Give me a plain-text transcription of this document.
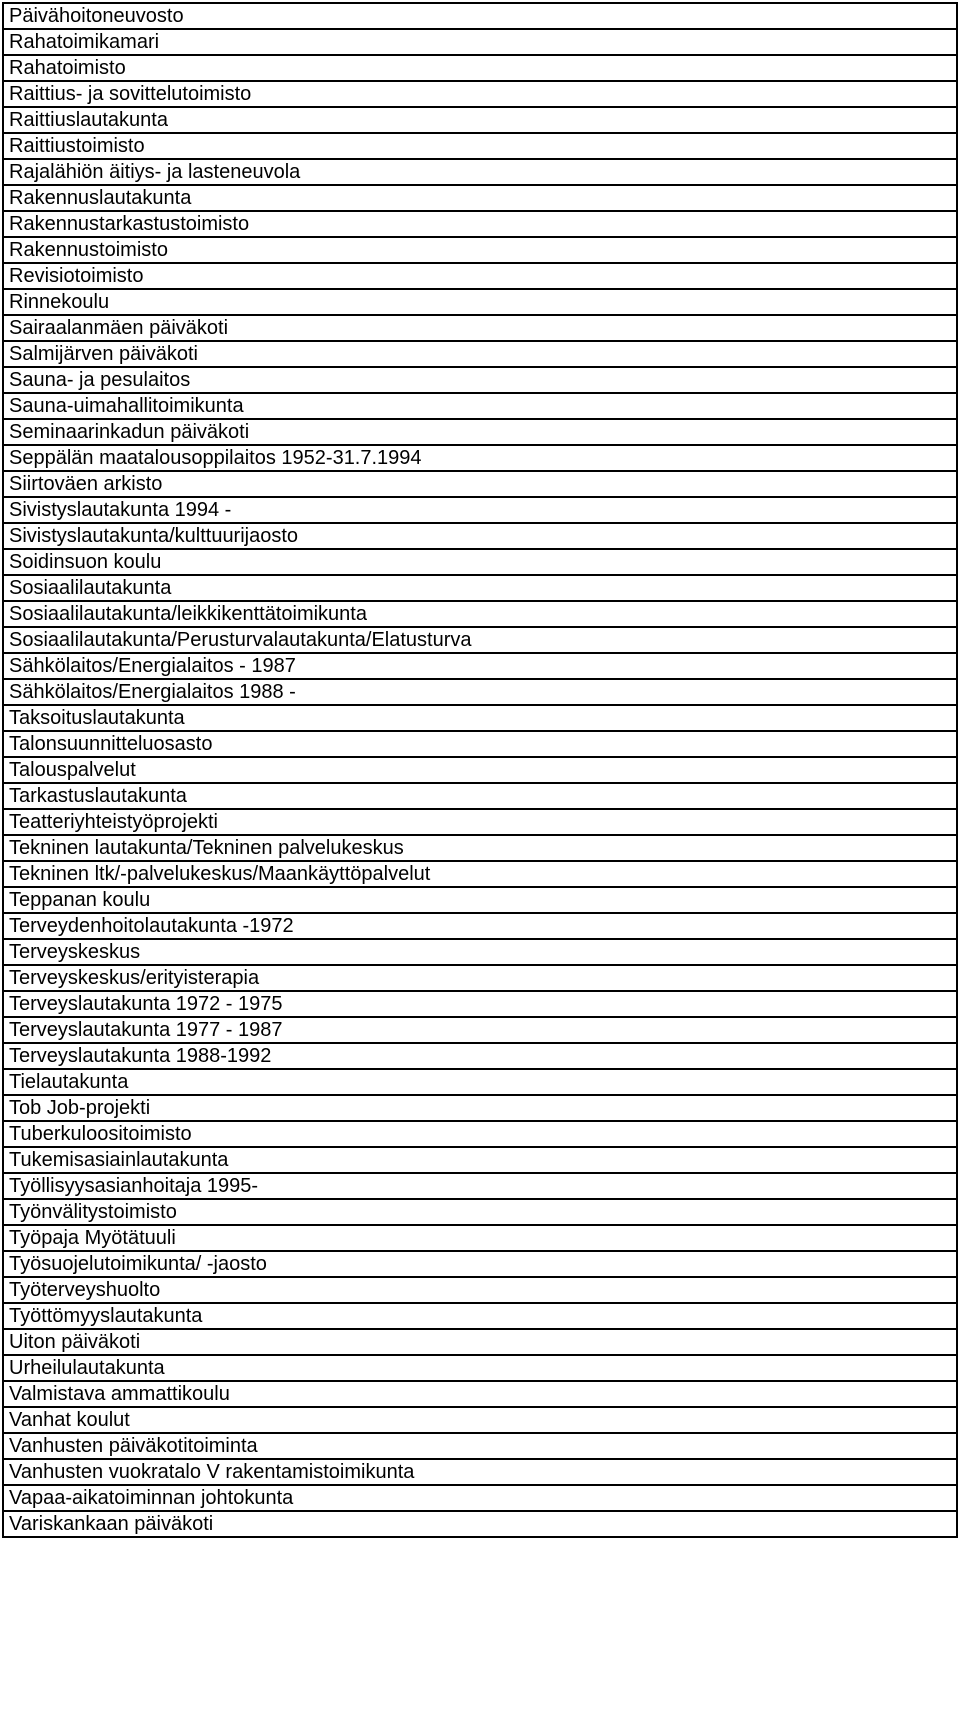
Päivähoitoneuvosto
Rahatoimikamari
Rahatoimisto
Raittius- ja sovittelutoimisto
Raittiuslautakunta
Raittiustoimisto
Rajalähiön äitiys- ja lasteneuvola
Rakennuslautakunta
Rakennustarkastustoimisto
Rakennustoimisto
Revisiotoimisto
Rinnekoulu
Sairaalanmäen päiväkoti
Salmijärven päiväkoti
Sauna- ja pesulaitos
Sauna-uimahallitoimikunta
Seminaarinkadun päiväkoti
Seppälän maatalousoppilaitos 1952-31.7.1994
Siirtoväen arkisto
Sivistyslautakunta 1994 -
Sivistyslautakunta/kulttuurijaosto
Soidinsuon koulu
Sosiaalilautakunta
Sosiaalilautakunta/leikkikenttätoimikunta
Sosiaalilautakunta/Perusturvalautakunta/Elatusturva
Sähkölaitos/Energialaitos - 1987
Sähkölaitos/Energialaitos 1988 -
Taksoituslautakunta
Talonsuunnitteluosasto
Talouspalvelut
Tarkastuslautakunta
Teatteriyhteistyöprojekti
Tekninen lautakunta/Tekninen palvelukeskus
Tekninen ltk/-palvelukeskus/Maankäyttöpalvelut
Teppanan koulu
Terveydenhoitolautakunta -1972
Terveyskeskus
Terveyskeskus/erityisterapia
Terveyslautakunta 1972 - 1975
Terveyslautakunta 1977 - 1987
Terveyslautakunta 1988-1992
Tielautakunta
Tob Job-projekti
Tuberkuloositoimisto
Tukemisasiainlautakunta
Työllisyysasianhoitaja 1995-
Työnvälitystoimisto
Työpaja Myötätuuli
Työsuojelutoimikunta/ -jaosto
Työterveyshuolto
Työttömyyslautakunta
Uiton päiväkoti
Urheilulautakunta
Valmistava ammattikoulu
Vanhat koulut
Vanhusten päiväkotitoiminta
Vanhusten vuokratalo V rakentamistoimikunta
Vapaa-aikatoiminnan johtokunta
Variskankaan päiväkoti
